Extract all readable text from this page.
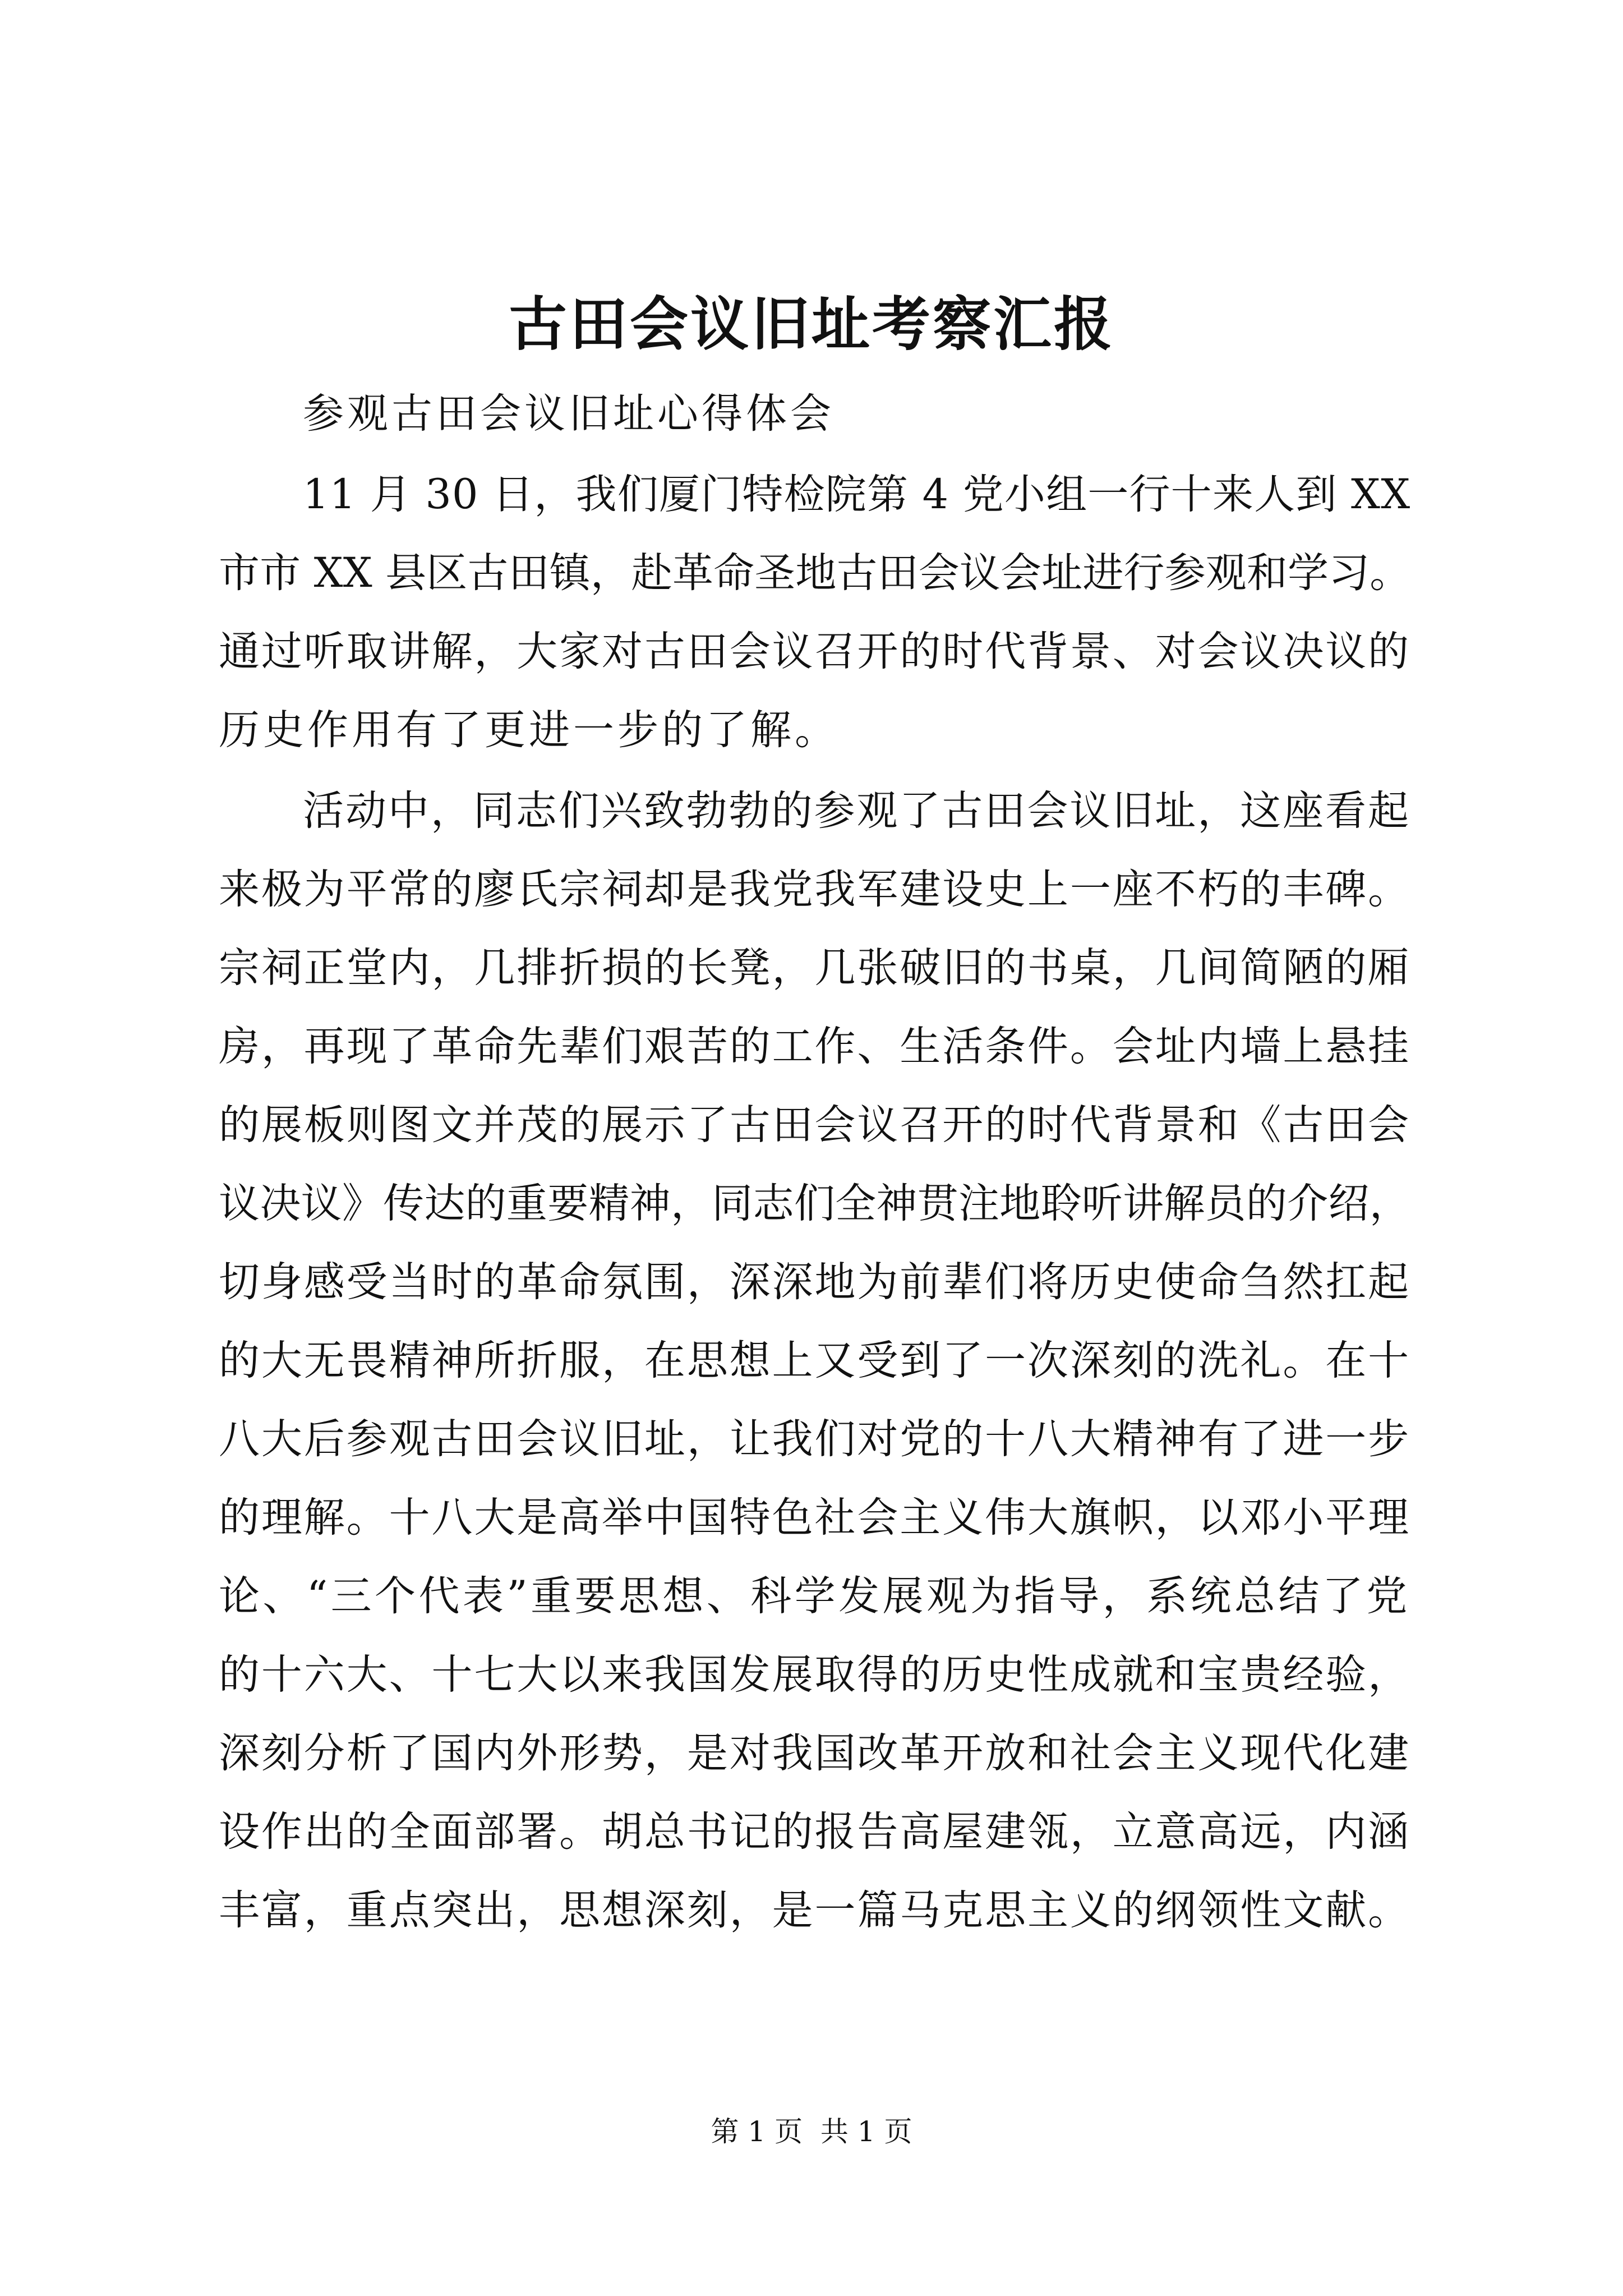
古田会议旧址考察汇报
参观古田会议旧址心得体会
11 月 30 日，我们厦门特检院第 4 党小组一行十来人到 XX
市市 XX 县区古田镇，赴革命圣地古田会议会址进行参观和学习。
通过听取讲解，大家对古田会议召开的时代背景、对会议决议的
历史作用有了更进一步的了解。
活动中，同志们兴致勃勃的参观了古田会议旧址，这座看起
来极为平常的廖氏宗祠却是我党我军建设史上一座不朽的丰碑。
宗祠正堂内，几排折损的长凳，几张破旧的书桌，几间简陋的厢
房，再现了革命先辈们艰苦的工作、生活条件。会址内墙上悬挂
的展板则图文并茂的展示了古田会议召开的时代背景和《古田会
议决议》传达的重要精神，同志们全神贯注地聆听讲解员的介绍，
切身感受当时的革命氛围，深深地为前辈们将历史使命刍然扛起
的大无畏精神所折服，在思想上又受到了一次深刻的洗礼。在十
八大后参观古田会议旧址，让我们对党的十八大精神有了进一步
的理解。十八大是高举中国特色社会主义伟大旗帜，以邓小平理
论、“三个代表”重要思想、科学发展观为指导，系统总结了党
的十六大、十七大以来我国发展取得的历史性成就和宝贵经验，
深刻分析了国内外形势，是对我国改革开放和社会主义现代化建
设作出的全面部署。胡总书记的报告高屋建瓴，立意高远，内涵
丰富，重点突出，思想深刻，是一篇马克思主义的纲领性文献。
第 1 页  共 1 页
